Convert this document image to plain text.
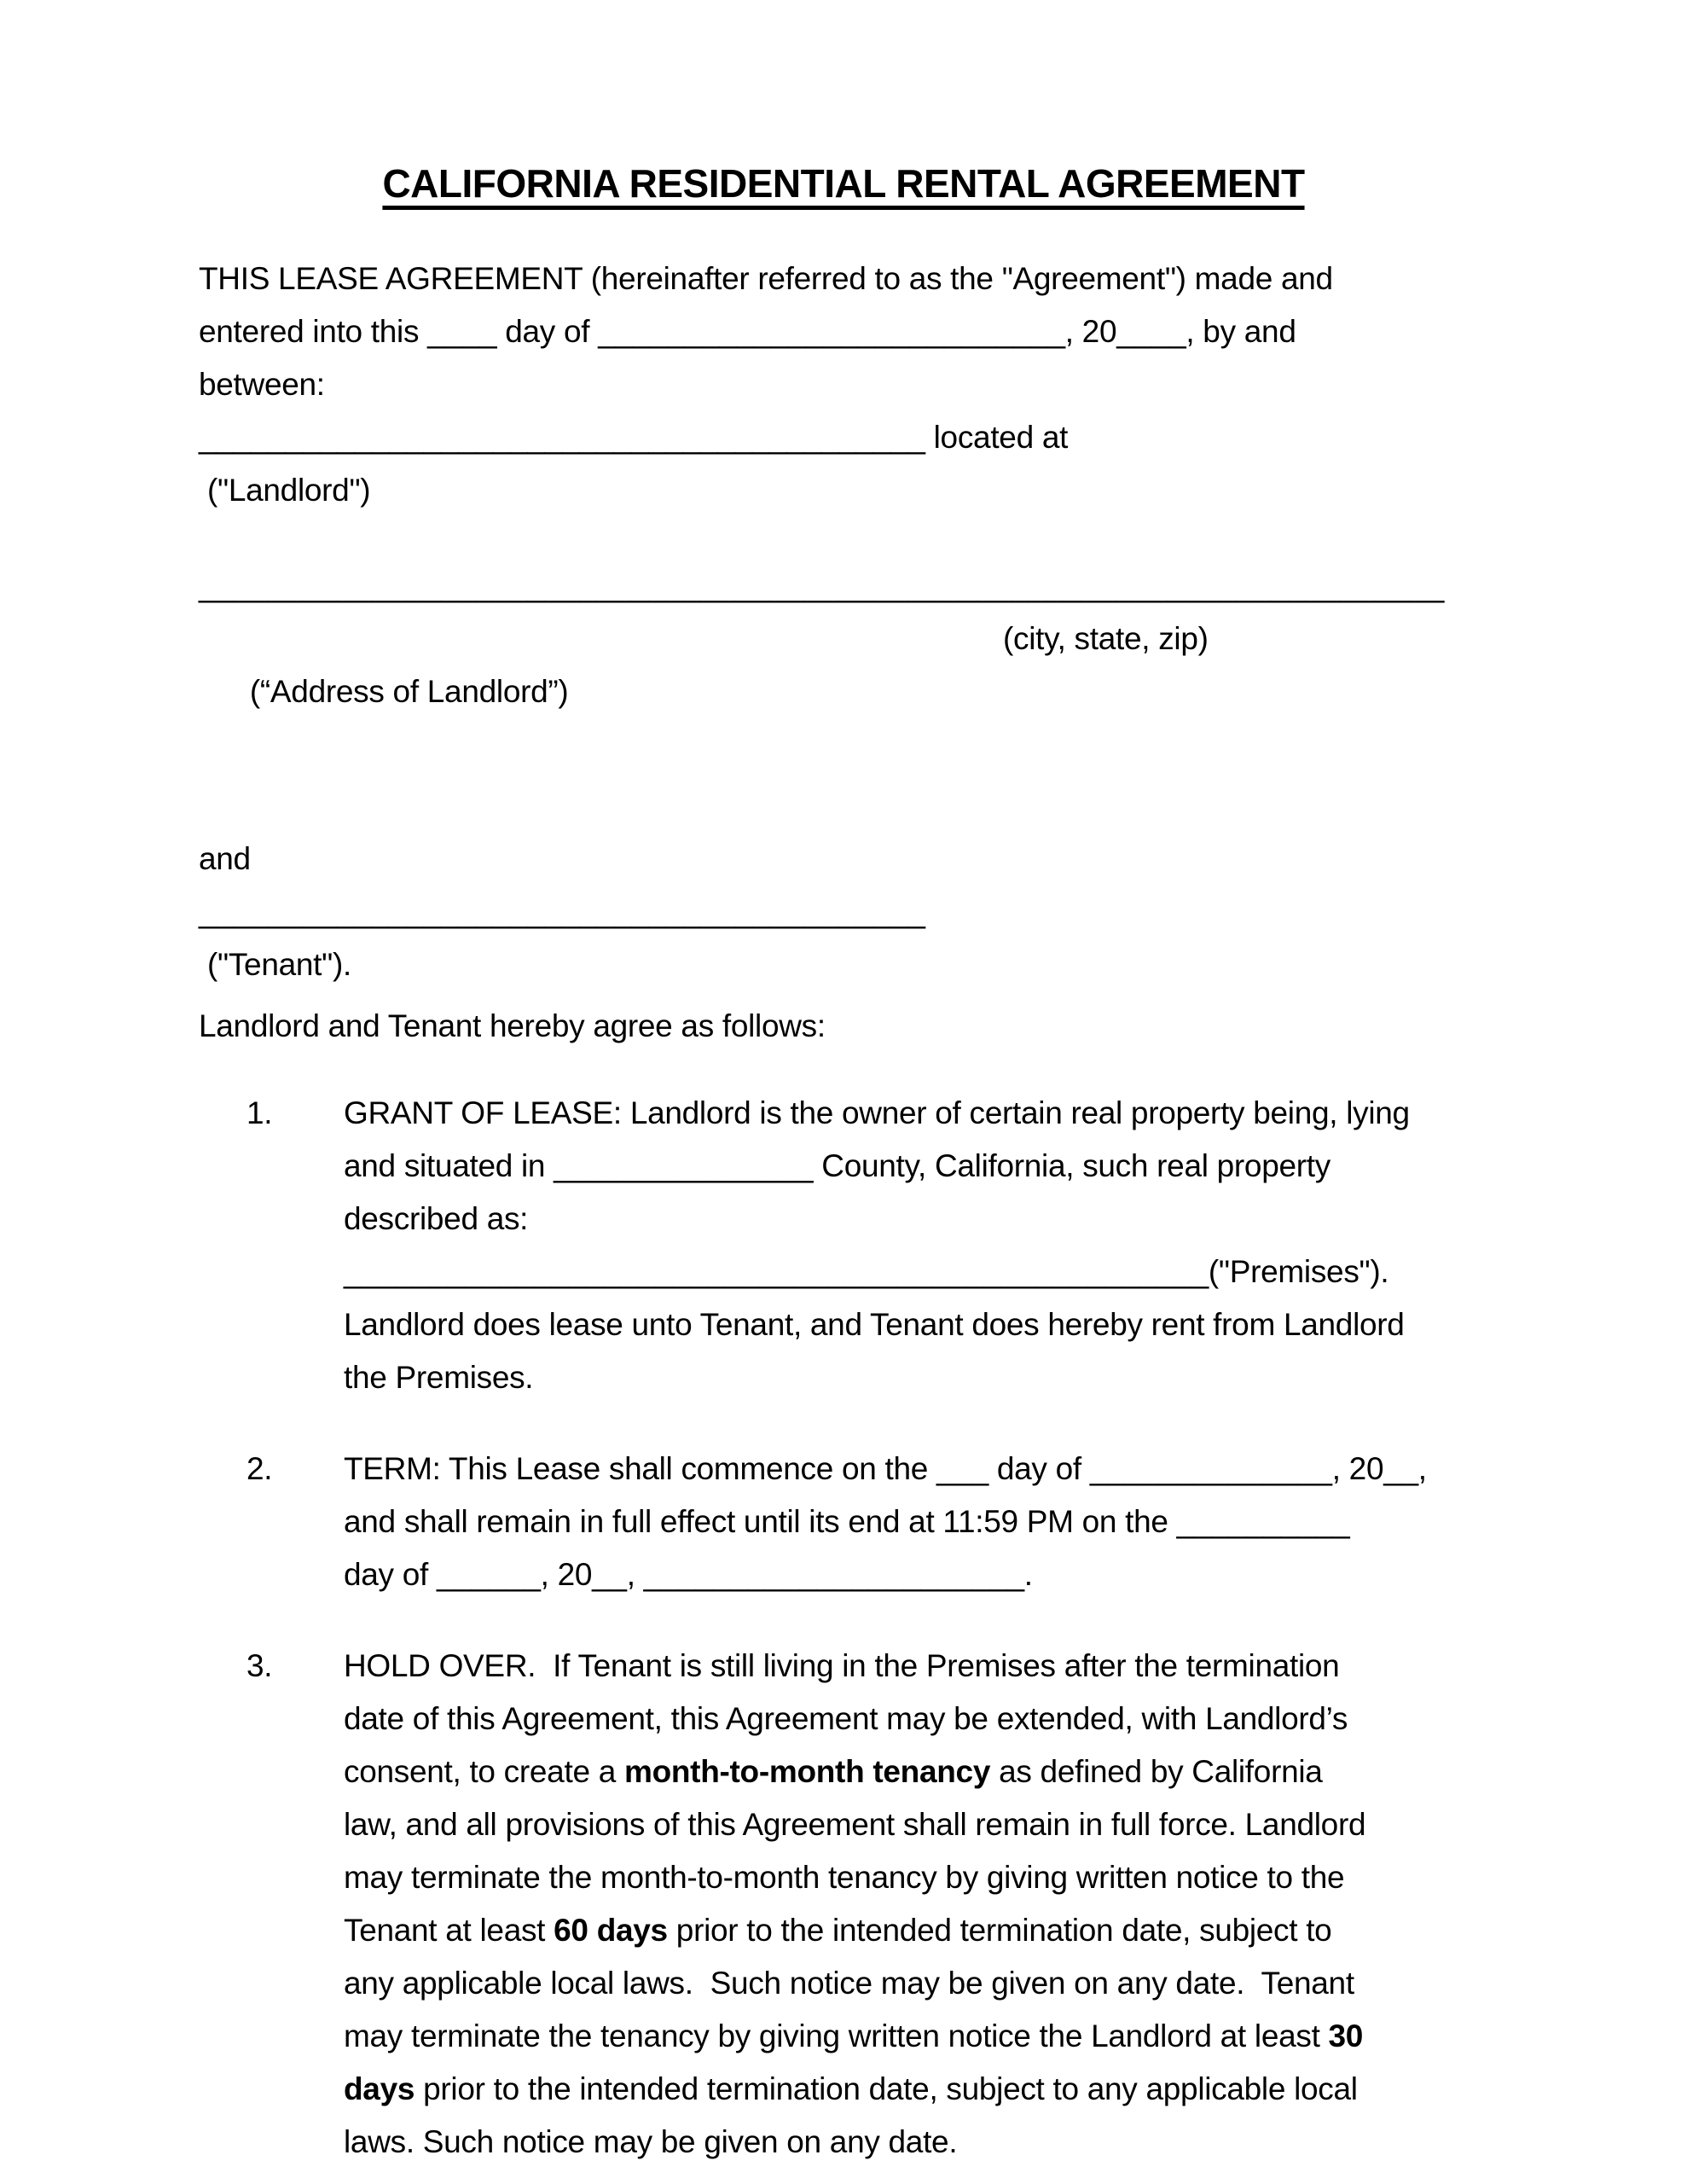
CALIFORNIA RESIDENTIAL RENTAL AGREEMENT
THIS LEASE AGREEMENT (hereinafter referred to as the "Agreement") made and
entered into this ____ day of ___________________________, 20____, by and
between:
__________________________________________ located at
("Landlord")
________________________________________________________________________

(“Address of Landlord”)

(city, state, zip)

and
__________________________________________
("Tenant").
Landlord and Tenant hereby agree as follows:
1.	GRANT OF LEASE: Landlord is the owner of certain real property being, lying
and situated in _______________ County, California, such real property
described as:
__________________________________________________("Premises").
Landlord does lease unto Tenant, and Tenant does hereby rent from Landlord
the Premises.
2.	TERM: This Lease shall commence on the ___ day of ______________, 20__,
and shall remain in full effect until its end at 11:59 PM on the __________
day of ______, 20__, ______________________.
3.	HOLD OVER.  If Tenant is still living in the Premises after the termination
date of this Agreement, this Agreement may be extended, with Landlord’s
consent, to create a month-to-month tenancy as defined by California
law, and all provisions of this Agreement shall remain in full force. Landlord
may terminate the month-to-month tenancy by giving written notice to the
Tenant at least 60 days prior to the intended termination date, subject to
any applicable local laws.  Such notice may be given on any date.  Tenant
may terminate the tenancy by giving written notice the Landlord at least 30
days prior to the intended termination date, subject to any applicable local
laws. Such notice may be given on any date.
